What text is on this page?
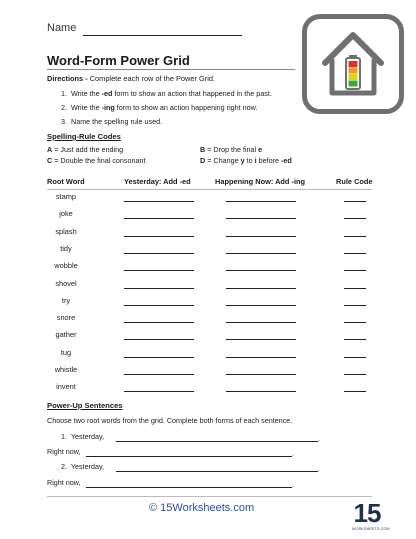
Name
Word-Form Power Grid
Directions - Complete each row of the Power Grid.
1. Write the -ed form to show an action that happened in the past.
2. Write the -ing form to show an action happening right now.
3. Name the spelling rule used.
Spelling-Rule Codes
A = Just add the ending	B = Drop the final e
C = Double the final consonant	D = Change y to i before -ed
Root Word	Yesterday: Add -ed	Happening Now: Add -ing	Rule Code
stamp
joke
splash
tidy
wobble
shovel
try
snore
gather
tug
whistle
invent
Power-Up Sentences
Choose two root words from the grid. Complete both forms of each sentence.
1. Yesterday,	.
Right now,	.
2. Yesterday,	.
Right now,	.
© 15Worksheets.com	15
WORKSHEETS.COM
